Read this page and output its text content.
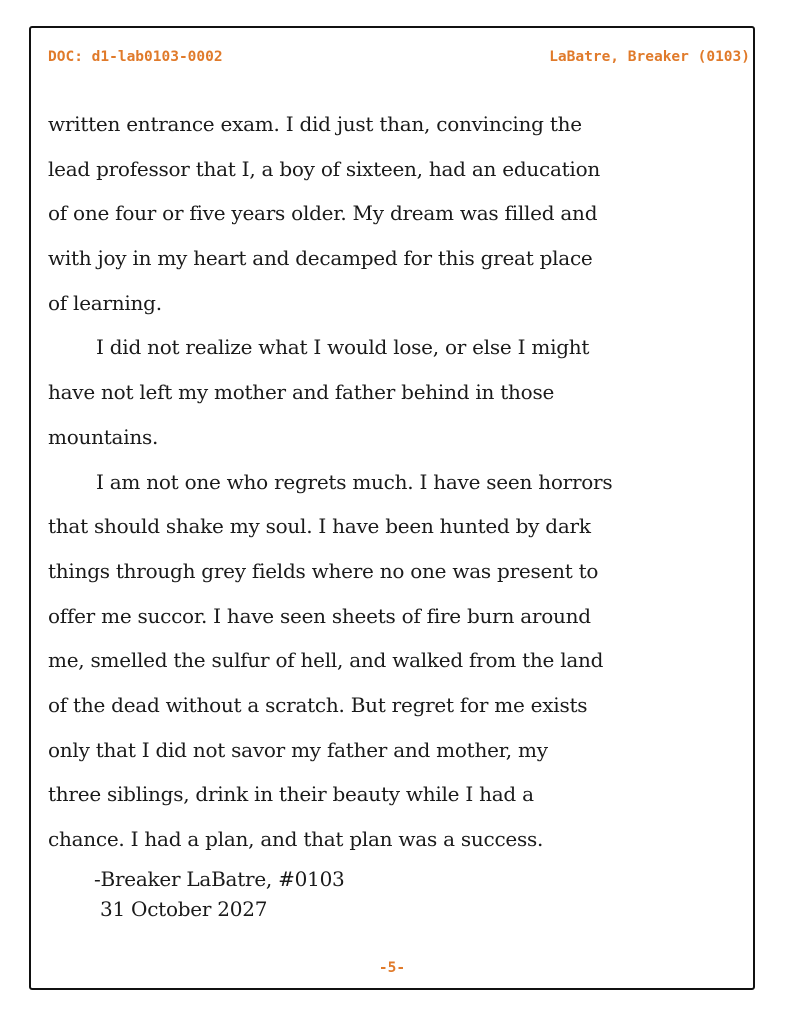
DOC: d1-lab0103-0002	LaBatre, Breaker (0103)
written entrance exam. I did just than, convincing the
lead professor that I, a boy of sixteen, had an education
of one four or five years older. My dream was filled and
with joy in my heart and decamped for this great place
of learning.
I did not realize what I would lose, or else I might
have not left my mother and father behind in those
mountains.
I am not one who regrets much. I have seen horrors
that should shake my soul. I have been hunted by dark
things through grey fields where no one was present to
offer me succor. I have seen sheets of fire burn around
me, smelled the sulfur of hell, and walked from the land
of the dead without a scratch. But regret for me exists
only that I did not savor my father and mother, my
three siblings, drink in their beauty while I had a
chance. I had a plan, and that plan was a success.
-Breaker LaBatre, #0103
31 October 2027
-5-
